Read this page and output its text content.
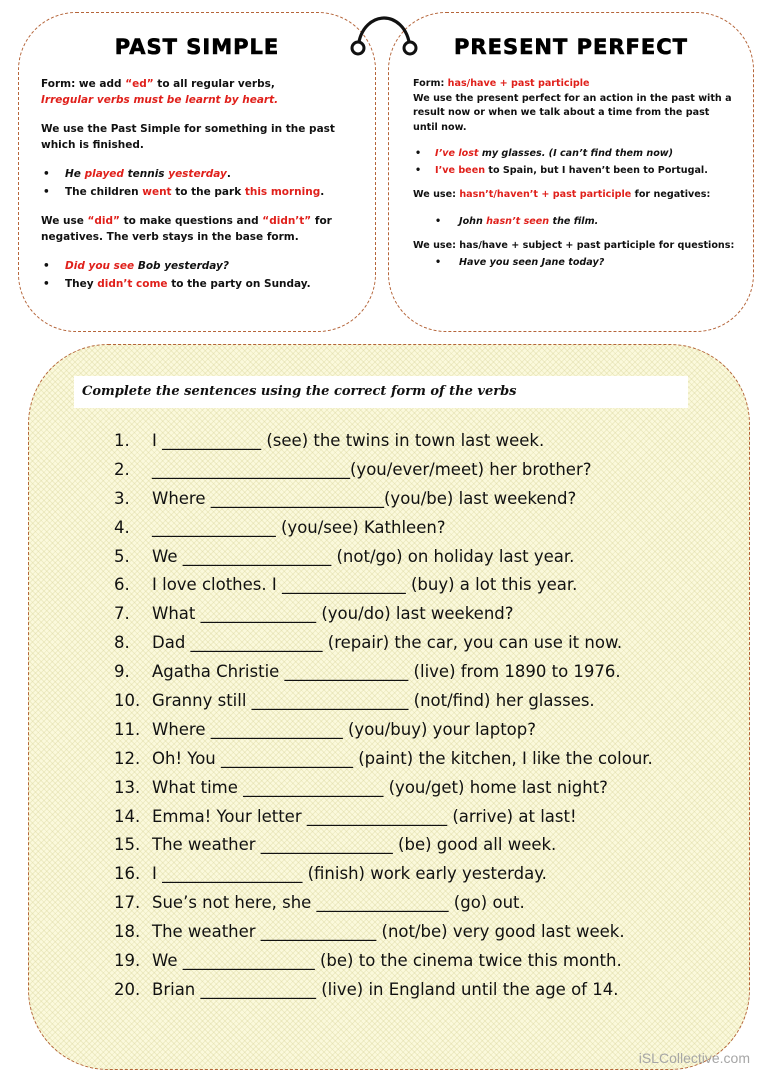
PAST SIMPLE

Form: we add “ed” to all regular verbs,
Irregular verbs must be learnt by heart.

We use the Past Simple for something in the past which is finished.

• He played tennis yesterday.
• The children went to the park this morning.

We use “did” to make questions and “didn’t” for negatives. The verb stays in the base form.

• Did you see Bob yesterday?
• They didn’t come to the party on Sunday.
PRESENT PERFECT

Form: has/have + past participle

We use the present perfect for an action in the past with a result now or when we talk about a time from the past until now.

• I’ve lost my glasses. (I can’t find them now)
• I’ve been to Spain, but I haven’t been to Portugal.

We use: hasn’t/haven’t + past participle for negatives:

• John hasn’t seen the film.

We use: has/have + subject + past participle for questions:

• Have you seen Jane today?
Complete the sentences using the correct form of the verbs
1. I ____________ (see) the twins in town last week.
2. ________________________(you/ever/meet) her brother?
3. Where _____________________(you/be) last weekend?
4. _______________ (you/see) Kathleen?
5. We __________________ (not/go) on holiday last year.
6. I love clothes. I _______________ (buy) a lot this year.
7. What ______________ (you/do) last weekend?
8. Dad ________________ (repair) the car, you can use it now.
9. Agatha Christie _______________ (live) from 1890 to 1976.
10. Granny still ___________________ (not/find) her glasses.
11. Where ________________ (you/buy) your laptop?
12. Oh! You ________________ (paint) the kitchen, I like the colour.
13. What time _________________ (you/get) home last night?
14. Emma! Your letter _________________ (arrive) at last!
15. The weather ________________ (be) good all week.
16. I _________________ (finish) work early yesterday.
17. Sue’s not here, she ________________ (go) out.
18. The weather ______________ (not/be) very good last week.
19. We ________________ (be) to the cinema twice this month.
20. Brian ______________ (live) in England until the age of 14.
iSLCollective.com
